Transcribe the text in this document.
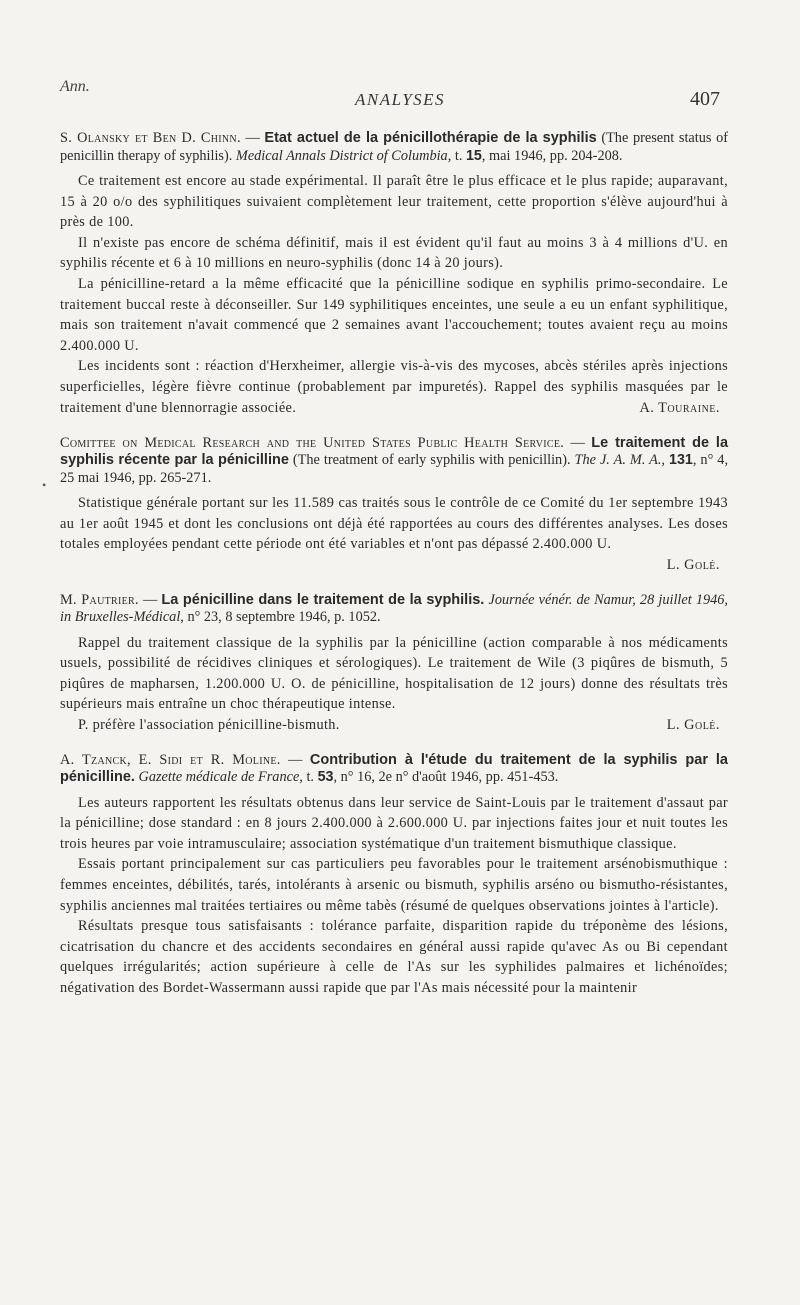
Ann.
ANALYSES	407
•

S. Olansky et Ben D. Chinn. — Etat actuel de la pénicillothérapie de la syphilis (The present status of penicillin therapy of syphilis). Medical Annals District of Columbia, t. 15, mai 1946, pp. 204-208.

Ce traitement est encore au stade expérimental. Il paraît être le plus efficace et le plus rapide; auparavant, 15 à 20 o/o des syphilitiques suivaient complètement leur traitement, cette proportion s'élève aujourd'hui à près de 100.

Il n'existe pas encore de schéma définitif, mais il est évident qu'il faut au moins 3 à 4 millions d'U. en syphilis récente et 6 à 10 millions en neuro-syphilis (donc 14 à 20 jours).

La pénicilline-retard a la même efficacité que la pénicilline sodique en syphilis primo-secondaire. Le traitement buccal reste à déconseiller. Sur 149 syphilitiques enceintes, une seule a eu un enfant syphilitique, mais son traitement n'avait commencé que 2 semaines avant l'accouchement; toutes avaient reçu au moins 2.400.000 U.

Les incidents sont : réaction d'Herxheimer, allergie vis-à-vis des mycoses, abcès stériles après injections superficielles, légère fièvre continue (probablement par impuretés). Rappel des syphilis masquées par le traitement d'une blennorragie associée.	A. Touraine.

Comittee on Medical Research and the United States Public Health Service. — Le traitement de la syphilis récente par la pénicilline (The treatment of early syphilis with penicillin). The J. A. M. A., 131, n° 4, 25 mai 1946, pp. 265-271.

Statistique générale portant sur les 11.589 cas traités sous le contrôle de ce Comité du 1er septembre 1943 au 1er août 1945 et dont les conclusions ont déjà été rapportées au cours des différentes analyses. Les doses totales employées pendant cette période ont été variables et n'ont pas dépassé 2.400.000 U.

L. Golé.

M. Pautrier. — La pénicilline dans le traitement de la syphilis. Journée vénér. de Namur, 28 juillet 1946, in Bruxelles-Médical, n° 23, 8 septembre 1946, p. 1052.

Rappel du traitement classique de la syphilis par la pénicilline (action comparable à nos médicaments usuels, possibilité de récidives cliniques et sérologiques). Le traitement de Wile (3 piqûres de bismuth, 5 piqûres de mapharsen, 1.200.000 U. O. de pénicilline, hospitalisation de 12 jours) donne des résultats très supérieurs mais entraîne un choc thérapeutique intense.

P. préfère l'association pénicilline-bismuth.	L. Golé.

A. Tzanck, E. Sidi et R. Moline. — Contribution à l'étude du traitement de la syphilis par la pénicilline. Gazette médicale de France, t. 53, n° 16, 2e n° d'août 1946, pp. 451-453.

Les auteurs rapportent les résultats obtenus dans leur service de Saint-Louis par le traitement d'assaut par la pénicilline; dose standard : en 8 jours 2.400.000 à 2.600.000 U. par injections faites jour et nuit toutes les trois heures par voie intramusculaire; association systématique d'un traitement bismuthique classique.

Essais portant principalement sur cas particuliers peu favorables pour le traitement arsénobismuthique : femmes enceintes, débilités, tarés, intolérants à arsenic ou bismuth, syphilis arséno ou bismutho-résistantes, syphilis anciennes mal traitées tertiaires ou même tabès (résumé de quelques observations jointes à l'article).

Résultats presque tous satisfaisants : tolérance parfaite, disparition rapide du tréponème des lésions, cicatrisation du chancre et des accidents secondaires en général aussi rapide qu'avec As ou Bi cependant quelques irrégularités; action supérieure à celle de l'As sur les syphilides palmaires et lichénoïdes; négativation des Bordet-Wassermann aussi rapide que par l'As mais nécessité pour la maintenir
